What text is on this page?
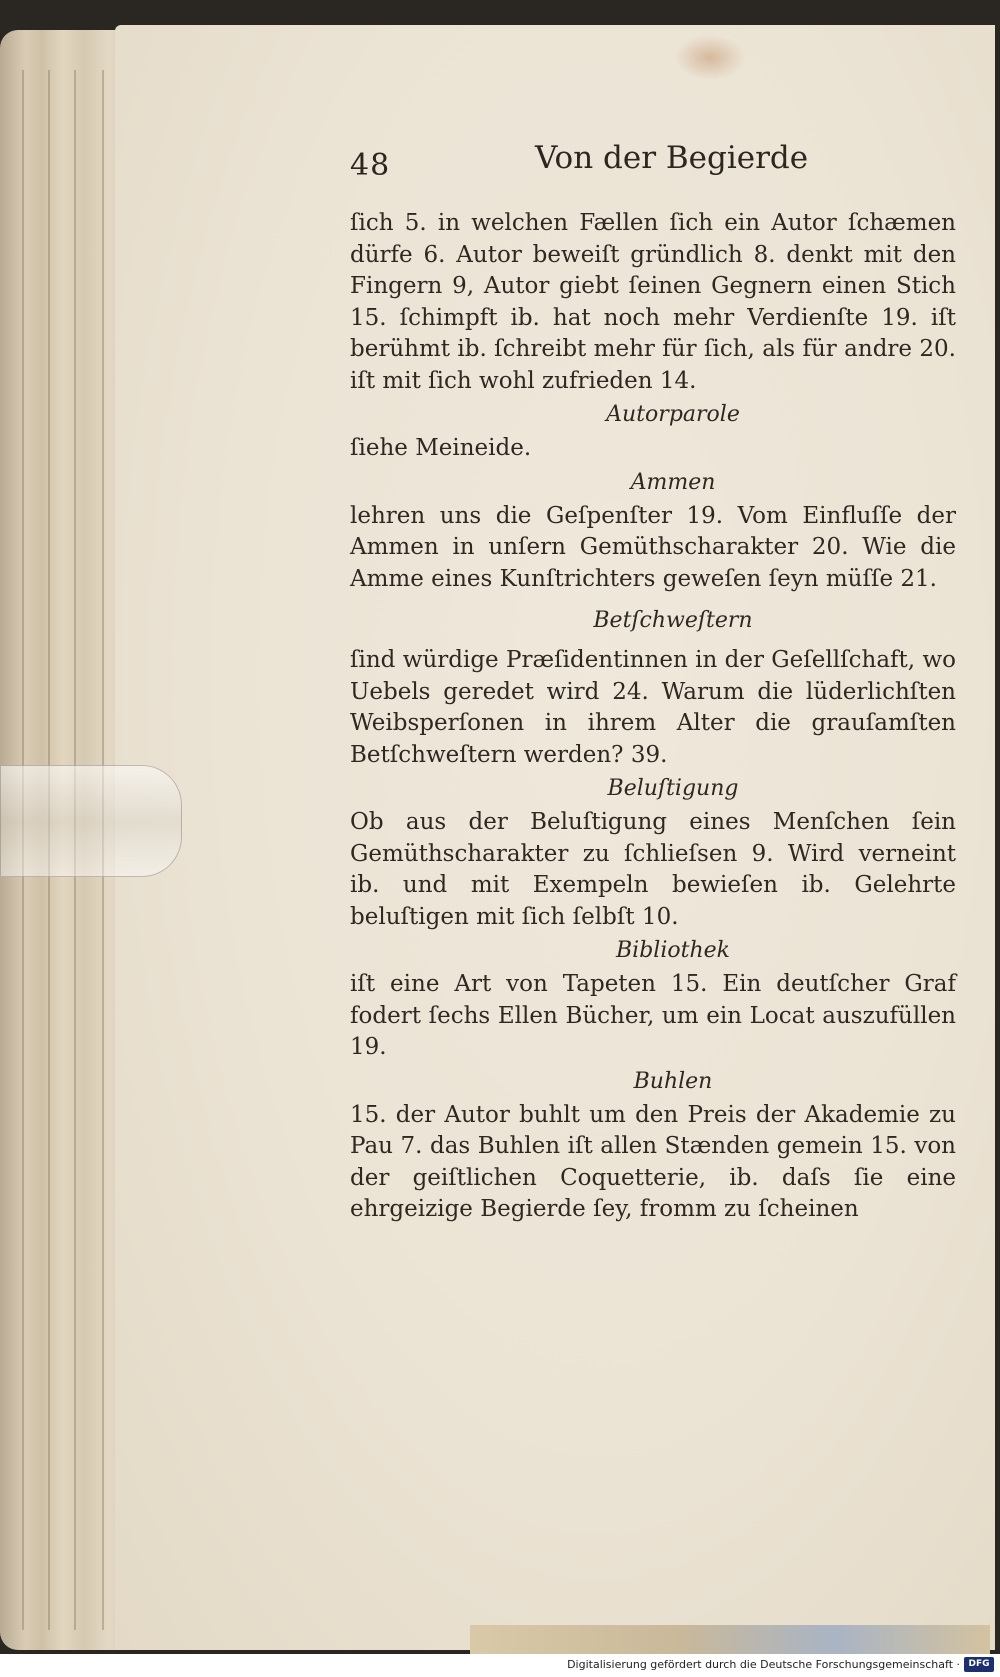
48	Von der Begierde

ſich 5. in welchen Fællen ſich ein Autor ſchæmen dürfe 6. Autor beweiſt gründlich 8. denkt mit den Fingern 9, Autor giebt ſeinen Gegnern einen Stich 15. ſchimpft ib. hat noch mehr Verdienſte 19. iſt berühmt ib. ſchreibt mehr für ſich, als für andre 20. iſt mit ſich wohl zufrieden 14.

Autorparole

ſiehe Meineide.

Ammen

lehren uns die Geſpenſter 19. Vom Einfluſſe der Ammen in unſern Gemüthscharakter 20. Wie die Amme eines Kunſtrichters geweſen ſeyn müſſe 21.

Betſchweſtern

ſind würdige Præſidentinnen in der Geſellſchaft, wo Uebels geredet wird 24. Warum die lüderlichſten Weibsperſonen in ihrem Alter die grauſamſten Betſchweſtern werden? 39.

Beluſtigung

Ob aus der Beluſtigung eines Menſchen ſein Gemüthscharakter zu ſchlieſsen 9. Wird verneint ib. und mit Exempeln bewieſen ib. Gelehrte beluſtigen mit ſich ſelbſt 10.

Bibliothek

iſt eine Art von Tapeten 15. Ein deutſcher Graf fodert ſechs Ellen Bücher, um ein Locat auszufüllen 19.

Buhlen

15. der Autor buhlt um den Preis der Akademie zu Pau 7. das Buhlen iſt allen Stænden gemein 15. von der geiſtlichen Coquetterie, ib. daſs ſie eine ehrgeizige Begierde ſey, fromm zu ſcheinen

Digitalisierung gefördert durch die Deutsche Forschungsgemeinschaft · DFG
